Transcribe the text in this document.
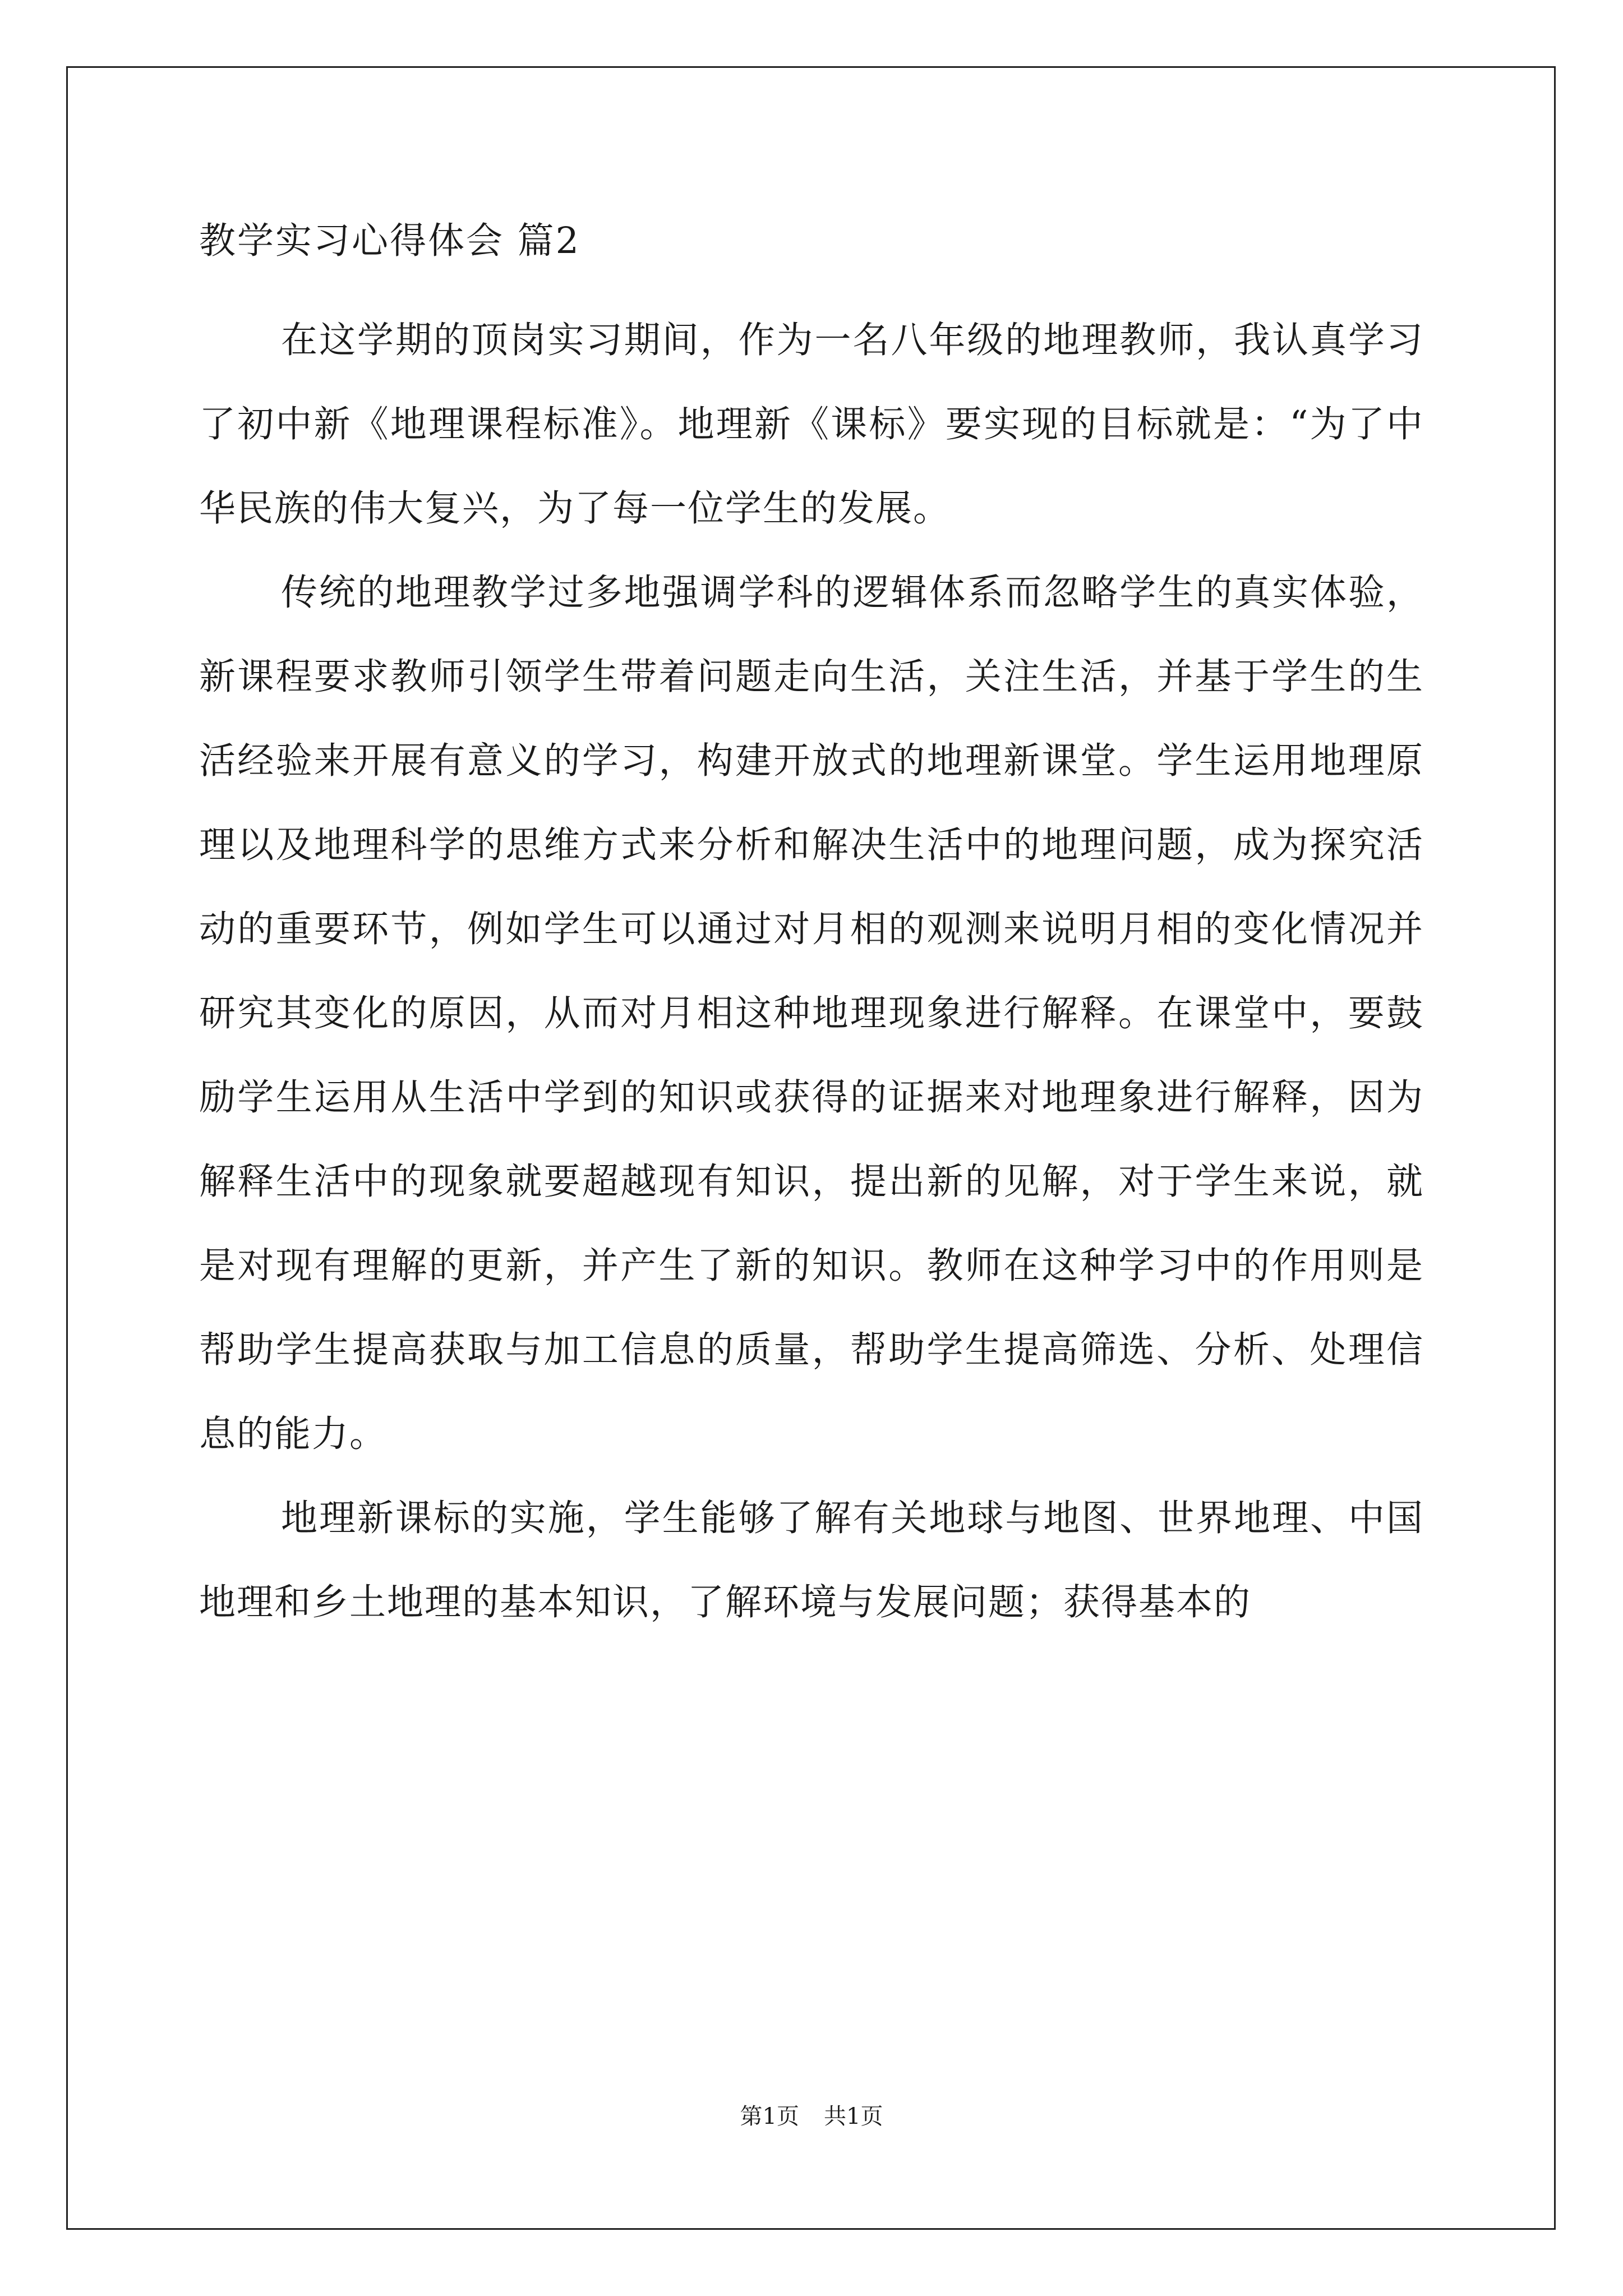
教学实习心得体会 篇2

在这学期的顶岗实习期间，作为一名八年级的地理教师，我认真学习了初中新《地理课程标准》。地理新《课标》要实现的目标就是：“为了中华民族的伟大复兴，为了每一位学生的发展。

传统的地理教学过多地强调学科的逻辑体系而忽略学生的真实体验，新课程要求教师引领学生带着问题走向生活，关注生活，并基于学生的生活经验来开展有意义的学习，构建开放式的地理新课堂。学生运用地理原理以及地理科学的思维方式来分析和解决生活中的地理问题，成为探究活动的重要环节，例如学生可以通过对月相的观测来说明月相的变化情况并研究其变化的原因，从而对月相这种地理现象进行解释。在课堂中，要鼓励学生运用从生活中学到的知识或获得的证据来对地理象进行解释，因为解释生活中的现象就要超越现有知识，提出新的见解，对于学生来说，就是对现有理解的更新，并产生了新的知识。教师在这种学习中的作用则是帮助学生提高获取与加工信息的质量，帮助学生提高筛选、分析、处理信息的能力。

地理新课标的实施，学生能够了解有关地球与地图、世界地理、中国地理和乡土地理的基本知识，了解环境与发展问题；获得基本的

第1页 共1页
